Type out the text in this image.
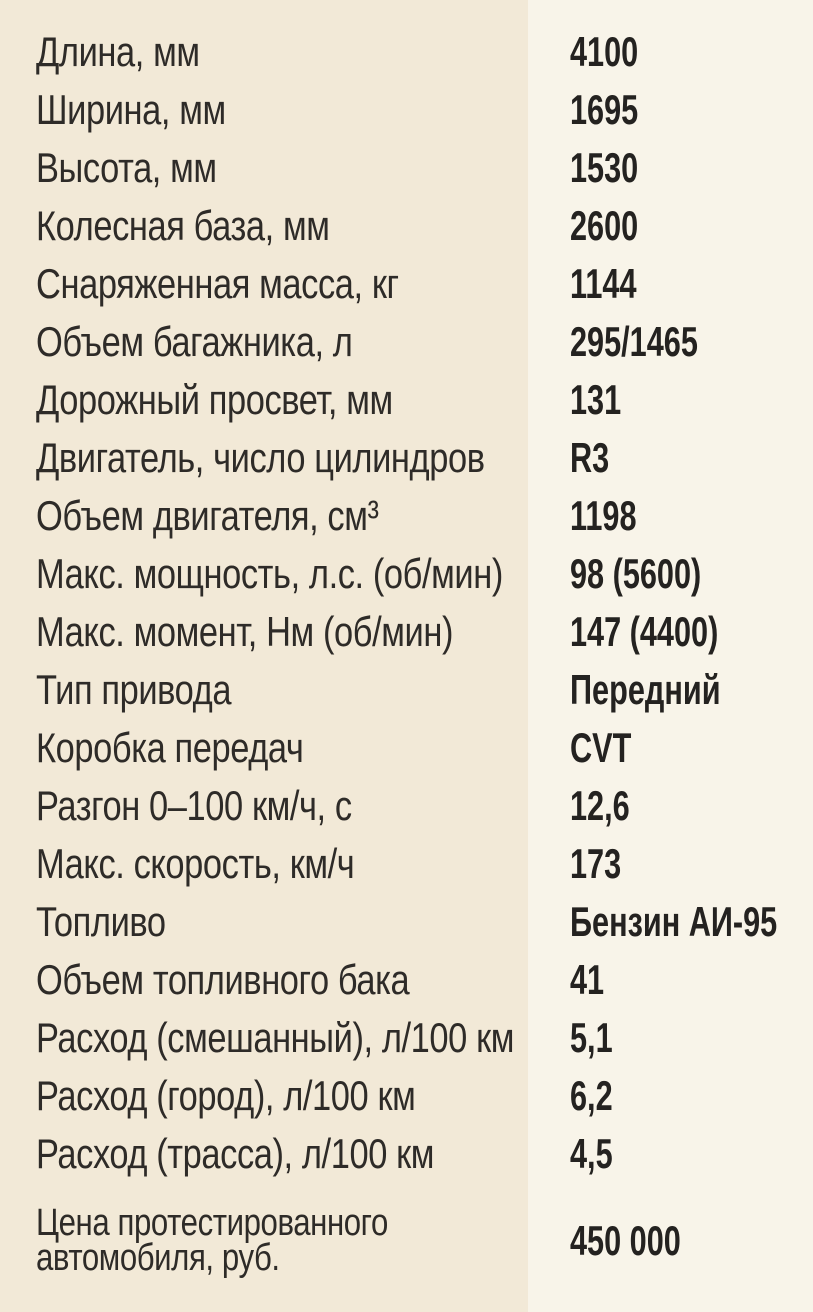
Длина, мм	4100
Ширина, мм	1695
Высота, мм	1530
Колесная база, мм	2600
Снаряженная масса, кг	1144
Объем багажника, л	295/1465
Дорожный просвет, мм	131
Двигатель, число цилиндров	R3
Объем двигателя, см³	1198
Макс. мощность, л.с. (об/мин)	98 (5600)
Макс. момент, Нм (об/мин)	147 (4400)
Тип привода	Передний
Коробка передач	CVT
Разгон 0–100 км/ч, с	12,6
Макс. скорость, км/ч	173
Топливо	Бензин АИ-95
Объем топливного бака	41
Расход (смешанный), л/100 км	5,1
Расход (город), л/100 км	6,2
Расход (трасса), л/100 км	4,5
Цена протестированного автомобиля, руб.	450 000
